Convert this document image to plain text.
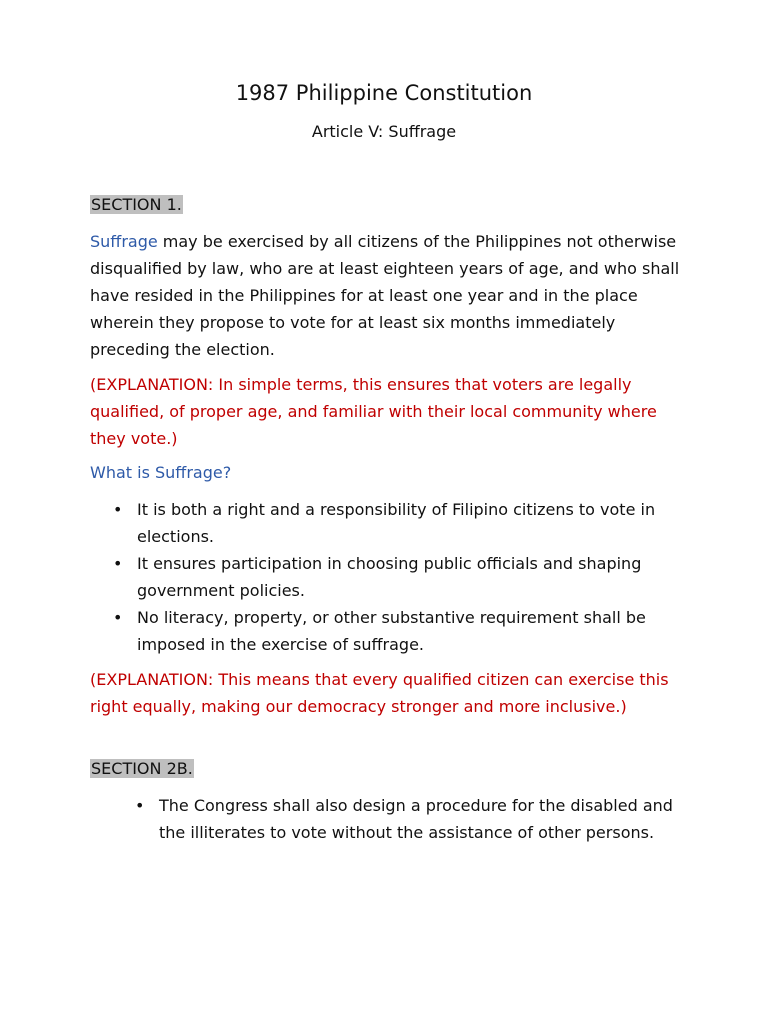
1987 Philippine Constitution
Article V: Suffrage
SECTION 1.

Suffrage may be exercised by all citizens of the Philippines not otherwise disqualified by law, who are at least eighteen years of age, and who shall have resided in the Philippines for at least one year and in the place wherein they propose to vote for at least six months immediately preceding the election.

(EXPLANATION: In simple terms, this ensures that voters are legally qualified, of proper age, and familiar with their local community where they vote.)

What is Suffrage?
• It is both a right and a responsibility of Filipino citizens to vote in elections.
• It ensures participation in choosing public officials and shaping government policies.
• No literacy, property, or other substantive requirement shall be imposed in the exercise of suffrage.

(EXPLANATION: This means that every qualified citizen can exercise this right equally, making our democracy stronger and more inclusive.)

SECTION 2B.
• The Congress shall also design a procedure for the disabled and the illiterates to vote without the assistance of other persons.
